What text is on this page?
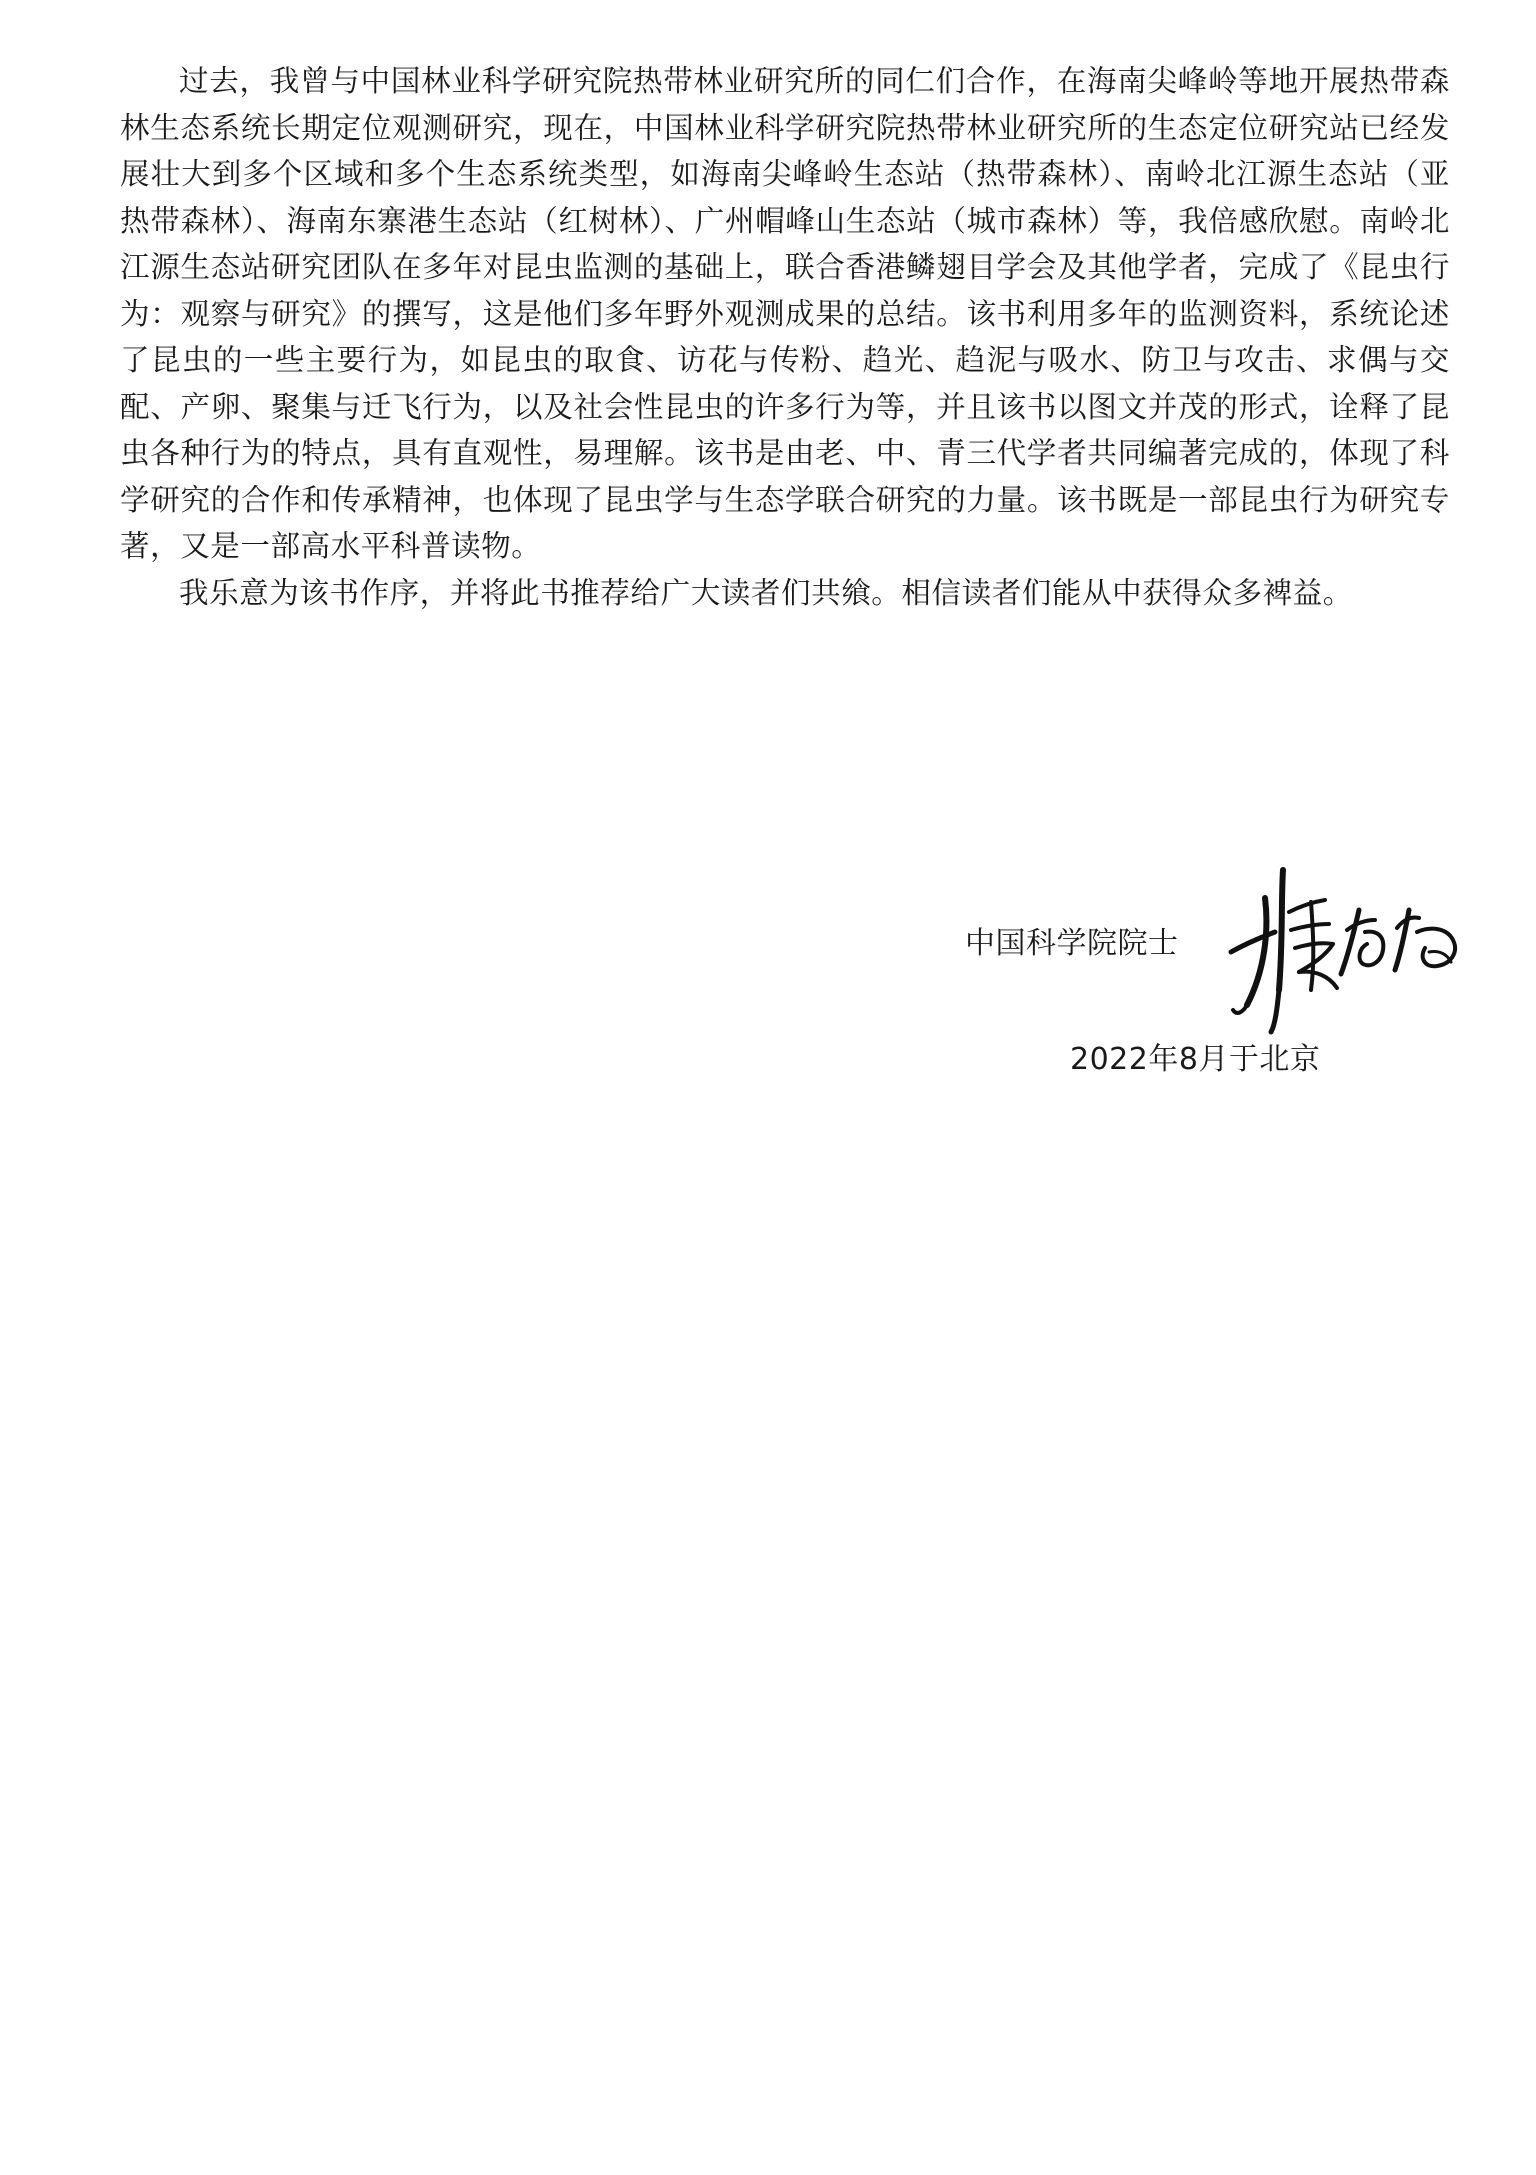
过去，我曾与中国林业科学研究院热带林业研究所的同仁们合作，在海南尖峰岭等地开展热带森林生态系统长期定位观测研究，现在，中国林业科学研究院热带林业研究所的生态定位研究站已经发展壮大到多个区域和多个生态系统类型，如海南尖峰岭生态站（热带森林）、南岭北江源生态站（亚热带森林）、海南东寨港生态站（红树林）、广州帽峰山生态站（城市森林）等，我倍感欣慰。南岭北江源生态站研究团队在多年对昆虫监测的基础上，联合香港鳞翅目学会及其他学者，完成了《昆虫行为：观察与研究》的撰写，这是他们多年野外观测成果的总结。该书利用多年的监测资料，系统论述了昆虫的一些主要行为，如昆虫的取食、访花与传粉、趋光、趋泥与吸水、防卫与攻击、求偶与交配、产卵、聚集与迁飞行为，以及社会性昆虫的许多行为等，并且该书以图文并茂的形式，诠释了昆虫各种行为的特点，具有直观性，易理解。该书是由老、中、青三代学者共同编著完成的，体现了科学研究的合作和传承精神，也体现了昆虫学与生态学联合研究的力量。该书既是一部昆虫行为研究专著，又是一部高水平科普读物。

我乐意为该书作序，并将此书推荐给广大读者们共飨。相信读者们能从中获得众多裨益。

中国科学院院士
2022年8月于北京
